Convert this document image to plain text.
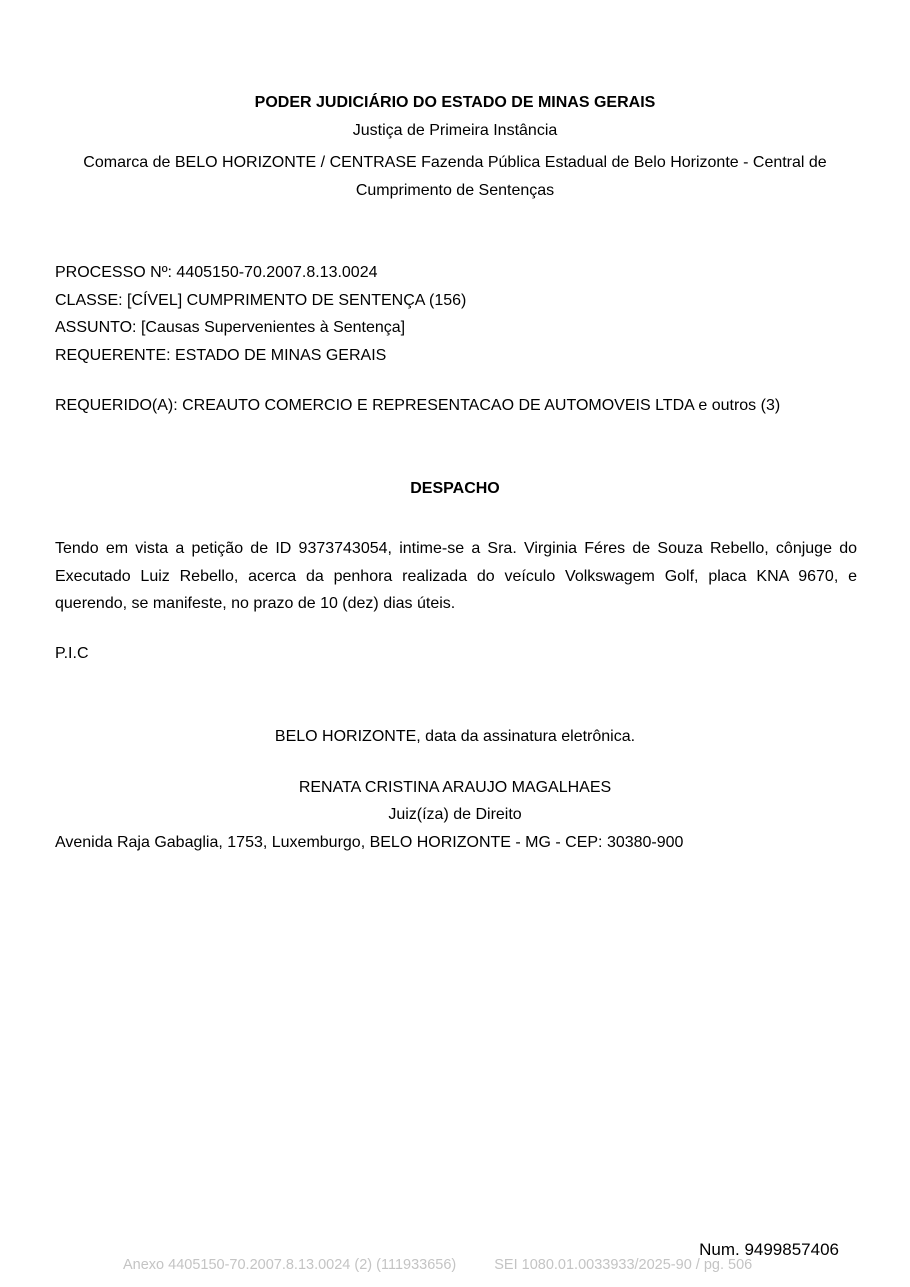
PODER JUDICIÁRIO DO ESTADO DE MINAS GERAIS
Justiça de Primeira Instância
Comarca de BELO HORIZONTE / CENTRASE Fazenda Pública Estadual de Belo Horizonte - Central de Cumprimento de Sentenças
PROCESSO Nº: 4405150-70.2007.8.13.0024
CLASSE: [CÍVEL] CUMPRIMENTO DE SENTENÇA (156)
ASSUNTO: [Causas Supervenientes à Sentença]
REQUERENTE: ESTADO DE MINAS GERAIS
REQUERIDO(A): CREAUTO COMERCIO E REPRESENTACAO DE AUTOMOVEIS LTDA e outros (3)
DESPACHO
Tendo em vista a petição de ID 9373743054, intime-se a Sra. Virginia Féres de Souza Rebello, cônjuge do Executado Luiz Rebello, acerca da penhora realizada do veículo Volkswagem Golf, placa KNA 9670, e querendo, se manifeste, no prazo de 10 (dez) dias úteis.
P.I.C
BELO HORIZONTE, data da assinatura eletrônica.
RENATA CRISTINA ARAUJO MAGALHAES
Juiz(íza) de Direito
Avenida Raja Gabaglia, 1753, Luxemburgo, BELO HORIZONTE - MG - CEP: 30380-900
Num. 9499857406
Anexo 4405150-70.2007.8.13.0024 (2) (111933656)	SEI 1080.01.0033933/2025-90 / pg. 506
